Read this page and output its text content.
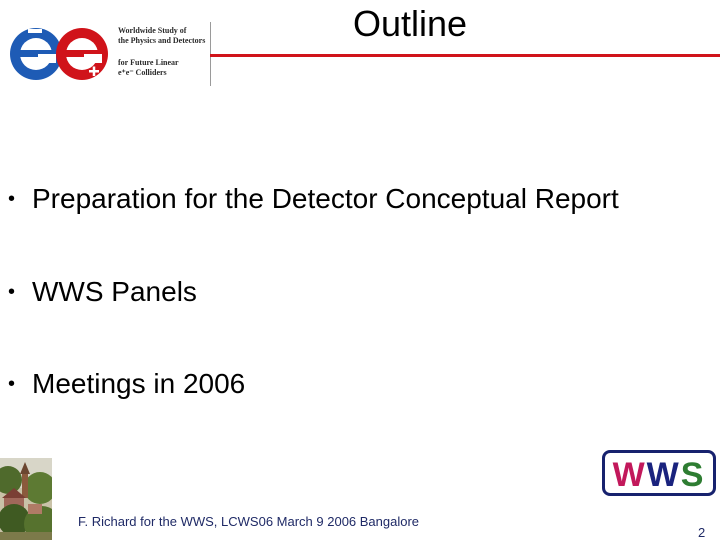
Worldwide Study of
the Physics and Detectors
for Future Linear
e⁺e⁻ Colliders
Outline
• Preparation for the Detector Conceptual Report
• WWS Panels
• Meetings in 2006
F. Richard for the WWS, LCWS06 March 9 2006 Bangalore
2
WWS
